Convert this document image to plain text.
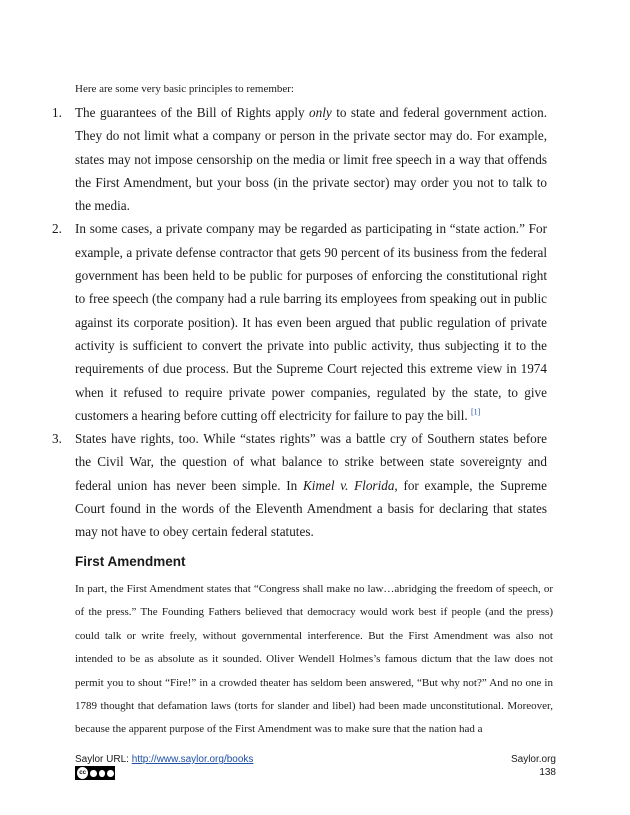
Here are some very basic principles to remember:
1. The guarantees of the Bill of Rights apply only to state and federal government action. They do not limit what a company or person in the private sector may do. For example, states may not impose censorship on the media or limit free speech in a way that offends the First Amendment, but your boss (in the private sector) may order you not to talk to the media.
2. In some cases, a private company may be regarded as participating in “state action.” For example, a private defense contractor that gets 90 percent of its business from the federal government has been held to be public for purposes of enforcing the constitutional right to free speech (the company had a rule barring its employees from speaking out in public against its corporate position). It has even been argued that public regulation of private activity is sufficient to convert the private into public activity, thus subjecting it to the requirements of due process. But the Supreme Court rejected this extreme view in 1974 when it refused to require private power companies, regulated by the state, to give customers a hearing before cutting off electricity for failure to pay the bill. [1]
3. States have rights, too. While “states rights” was a battle cry of Southern states before the Civil War, the question of what balance to strike between state sovereignty and federal union has never been simple. In Kimel v. Florida, for example, the Supreme Court found in the words of the Eleventh Amendment a basis for declaring that states may not have to obey certain federal statutes.
First Amendment
In part, the First Amendment states that “Congress shall make no law…abridging the freedom of speech, or of the press.” The Founding Fathers believed that democracy would work best if people (and the press) could talk or write freely, without governmental interference. But the First Amendment was also not intended to be as absolute as it sounded. Oliver Wendell Holmes’s famous dictum that the law does not permit you to shout “Fire!” in a crowded theater has seldom been answered, “But why not?” And no one in 1789 thought that defamation laws (torts for slander and libel) had been made unconstitutional. Moreover, because the apparent purpose of the First Amendment was to make sure that the nation had a
Saylor URL: http://www.saylor.org/books
cc
Saylor.org
138
